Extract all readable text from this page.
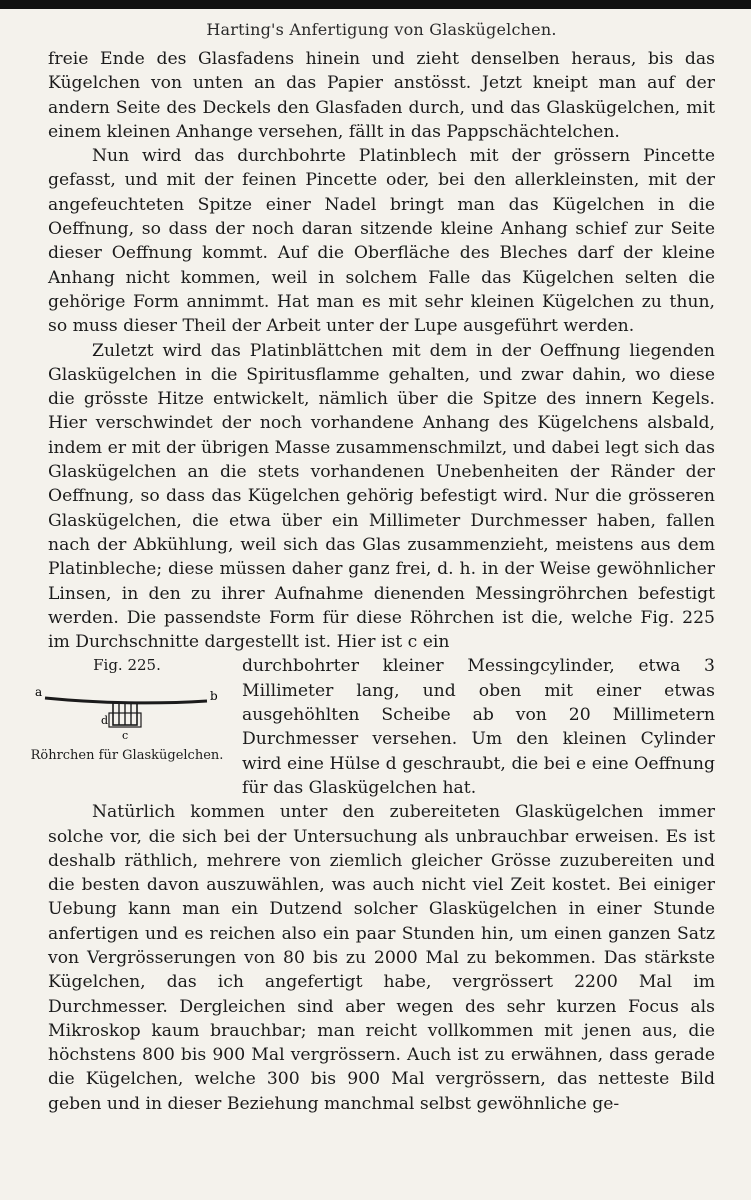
Harting's Anfertigung von Glaskügelchen.

freie Ende des Glasfadens hinein und zieht denselben heraus, bis das Kügelchen von unten an das Papier anstösst. Jetzt kneipt man auf der andern Seite des Deckels den Glasfaden durch, und das Glaskügelchen, mit einem kleinen Anhange versehen, fällt in das Pappschächtelchen.

Nun wird das durchbohrte Platinblech mit der grössern Pincette gefasst, und mit der feinen Pincette oder, bei den allerkleinsten, mit der angefeuchteten Spitze einer Nadel bringt man das Kügelchen in die Oeffnung, so dass der noch daran sitzende kleine Anhang schief zur Seite dieser Oeffnung kommt. Auf die Oberfläche des Bleches darf der kleine Anhang nicht kommen, weil in solchem Falle das Kügelchen selten die gehörige Form annimmt. Hat man es mit sehr kleinen Kügelchen zu thun, so muss dieser Theil der Arbeit unter der Lupe ausgeführt werden.

Zuletzt wird das Platinblättchen mit dem in der Oeffnung liegenden Glaskügelchen in die Spiritusflamme gehalten, und zwar dahin, wo diese die grösste Hitze entwickelt, nämlich über die Spitze des innern Kegels. Hier verschwindet der noch vorhandene Anhang des Kügelchens alsbald, indem er mit der übrigen Masse zusammenschmilzt, und dabei legt sich das Glaskügelchen an die stets vorhandenen Unebenheiten der Ränder der Oeffnung, so dass das Kügelchen gehörig befestigt wird. Nur die grösseren Glaskügelchen, die etwa über ein Millimeter Durchmesser haben, fallen nach der Abkühlung, weil sich das Glas zusammenzieht, meistens aus dem Platinbleche; diese müssen daher ganz frei, d. h. in der Weise gewöhnlicher Linsen, in den zu ihrer Aufnahme dienenden Messingröhrchen befestigt werden. Die passendste Form für diese Röhrchen ist die, welche Fig. 225 im Durchschnitte dargestellt ist. Hier ist c ein

Fig. 225.
a	b
d
c
Röhrchen für Glaskügelchen.

durchbohrter kleiner Messingcylinder, etwa 3 Millimeter lang, und oben mit einer etwas ausgehöhlten Scheibe ab von 20 Millimetern Durchmesser versehen. Um den kleinen Cylinder wird eine Hülse d geschraubt, die bei e eine Oeffnung für das Glaskügelchen hat.

Natürlich kommen unter den zubereiteten Glaskügelchen immer solche vor, die sich bei der Untersuchung als unbrauchbar erweisen. Es ist deshalb räthlich, mehrere von ziemlich gleicher Grösse zuzubereiten und die besten davon auszuwählen, was auch nicht viel Zeit kostet. Bei einiger Uebung kann man ein Dutzend solcher Glaskügelchen in einer Stunde anfertigen und es reichen also ein paar Stunden hin, um einen ganzen Satz von Vergrösserungen von 80 bis zu 2000 Mal zu bekommen. Das stärkste Kügelchen, das ich angefertigt habe, vergrössert 2200 Mal im Durchmesser. Dergleichen sind aber wegen des sehr kurzen Focus als Mikroskop kaum brauchbar; man reicht vollkommen mit jenen aus, die höchstens 800 bis 900 Mal vergrössern. Auch ist zu erwähnen, dass gerade die Kügelchen, welche 300 bis 900 Mal vergrössern, das netteste Bild geben und in dieser Beziehung manchmal selbst gewöhnliche ge-
